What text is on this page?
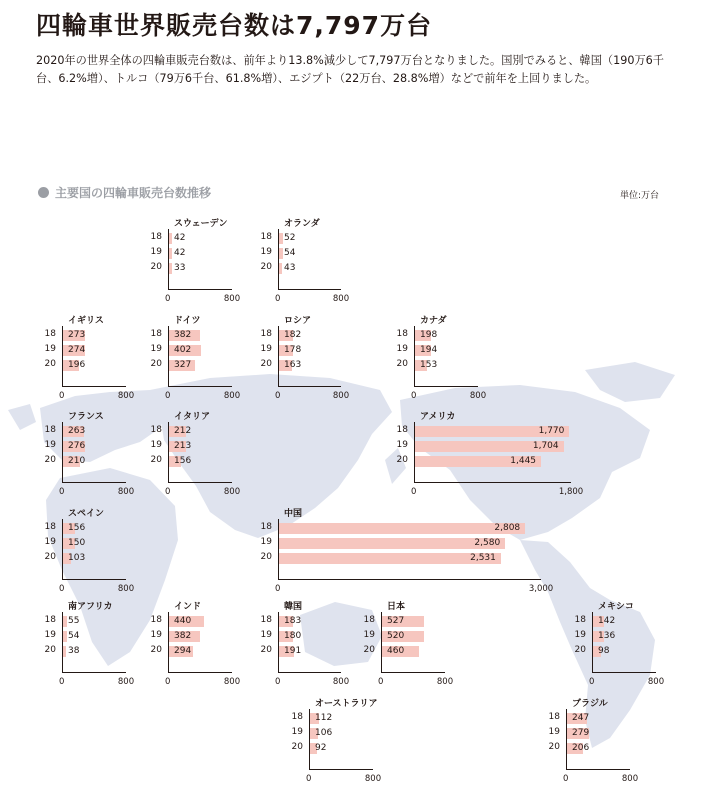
四輪車世界販売台数は7,797万台

2020年の世界全体の四輪車販売台数は、前年より13.8%減少して7,797万台となりました。国別でみると、韓国（190万6千台、6.2%増）、トルコ（79万6千台、61.8%増）、エジプト（22万台、28.8%増）などで前年を上回りました。

主要国の四輪車販売台数推移	単位:万台
スウェーデン
18 42
19 42
20 33
0	800
オランダ
18 52
19 54
20 43
0	800
イギリス
18 273
19 274
20 196
0	800
ドイツ
18 382
19 402
20 327
0	800
ロシア
18 182
19 178
20 163
0	800
カナダ
18 198
19 194
20 153
0	800
フランス
18 263
19 276
20 210
0	800
イタリア
18 212
19 213
20 156
0	800
アメリカ
18	1,770
19	1,704
20	1,445
0	1,800
スペイン
18 156
19 150
20 103
0	800
中国
18	2,808
19	2,580
20	2,531
0	3,000
南アフリカ
18 55
19 54
20 38
0	800
インド
18 440
19 382
20 294
0	800
韓国
18 183
19 180
20 191
0	800
日本
18 527
19 520
20 460
0	800
メキシコ
18 142
19 136
20 98
0	800
オーストラリア
18 112
19 106
20 92
0	800
ブラジル
18 247
19 279
20 206
0	800
